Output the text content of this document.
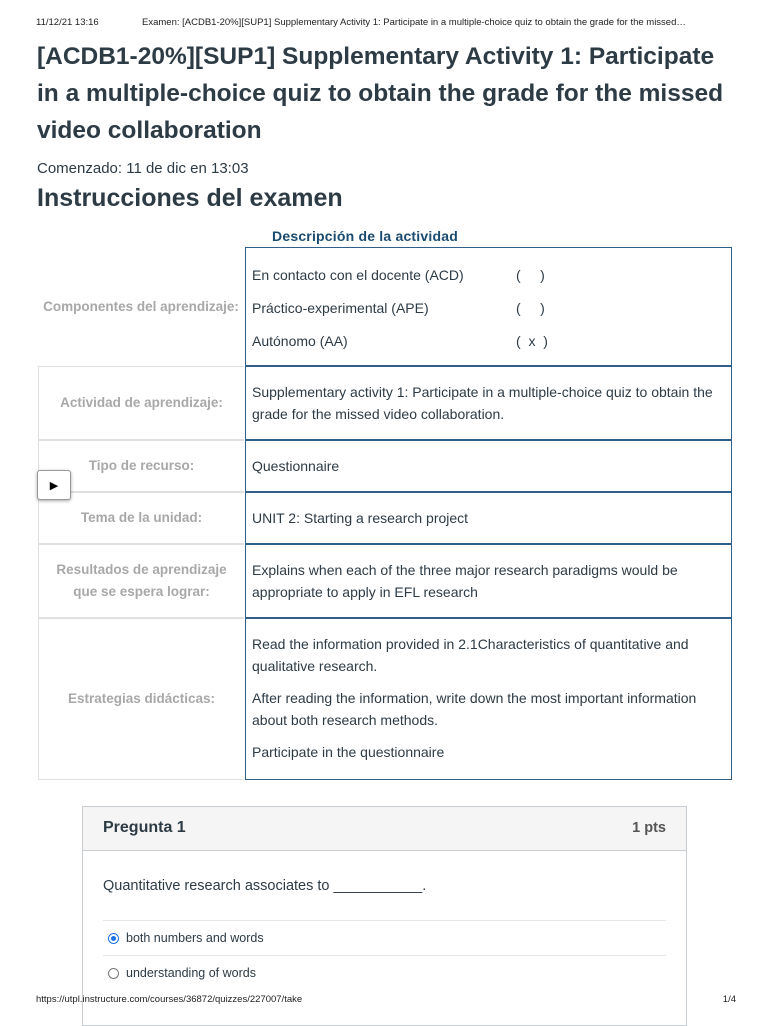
11/12/21 13:16	Examen: [ACDB1-20%][SUP1] Supplementary Activity 1: Participate in a multiple-choice quiz to obtain the grade for the missed…
[ACDB1-20%][SUP1] Supplementary Activity 1: Participate in a multiple-choice quiz to obtain the grade for the missed video collaboration
Comenzado: 11 de dic en 13:03
Instrucciones del examen
Descripción de la actividad
Componentes del aprendizaje:
En contacto con el docente (ACD)	(     )
Práctico-experimental (APE)	(     )
Autónomo (AA)	(  x  )
Actividad de aprendizaje:
Supplementary activity 1: Participate in a multiple-choice quiz to obtain the grade for the missed video collaboration.
Tipo de recurso:	Questionnaire
Tema de la unidad:	UNIT 2: Starting a research project
Resultados de aprendizaje que se espera lograr:
Explains when each of the three major research paradigms would be appropriate to apply in EFL research
Estrategias didácticas:

Read the information provided in 2.1Characteristics of quantitative and qualitative research.

After reading the information, write down the most important information about both research methods.

Participate in the questionnaire

▶
Pregunta 1	1 pts
Quantitative research associates to ___________.
both numbers and words
understanding of words
https://utpl.instructure.com/courses/36872/quizzes/227007/take	1/4
